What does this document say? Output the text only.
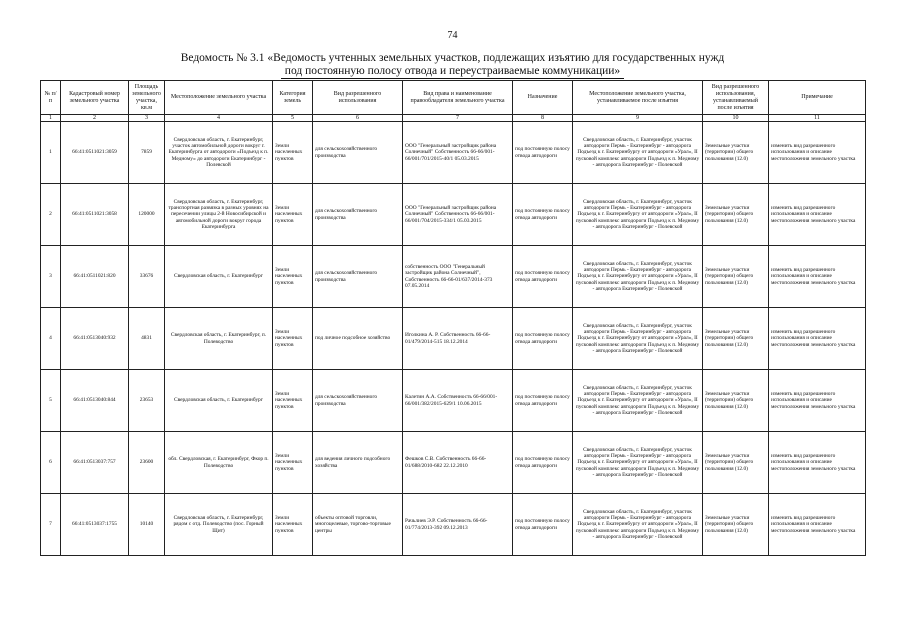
74
Ведомость № 3.1 «Ведомость учтенных земельных участков, подлежащих изъятию для государственных нужд
под постоянную полосу отвода и переустраиваемые коммуникации»
№ п/п	Кадастровый номер земельного участка	Площадь земельного участка, кв.м	Местоположение земельного участка	Категория земель	Вид разрешенного использования	Вид права и наименование правообладателя земельного участка	Назначение	Местоположение земельного участка, устанавливаемое после изъятия	Вид разрешенного использования, устанавливаемый после изъятия	Примечание
1	2	3	4	5	6	7	8	9	10	11
1	66:41:0511021:3059	7859	Свердловская область, г. Екатеринбург, участок автомобильной дороги вокруг г. Екатеринбурга от автодороги «Подъезд к п. Медному» до автодороги Екатеринбург - Полевской	Земли населенных пунктов	для сельскохозяйственного производства	ООО "Генеральный застройщик района Солнечный" Собственность 66-66/001-66/001/701/2015-40/1 05.03.2015	под постоянную полосу отвода автодороги	Свердловская область, г. Екатеринбург, участок автодороги Пермь - Екатеринбург - автодорога Подъезд к г. Екатеринбургу от автодороги «Урал», II пусковой комплекс автодороги Подъезд к п. Медному - автодорога Екатеринбург - Полевской	Земельные участки (территории) общего пользования (12.0)	изменить вид разрешенного использования и описание местоположения земельного участка
2	66:41:0511021:3058	120000	Свердловская область, г. Екатеринбург, транспортная развязка в разных уровнях на пересечении улицы 2-й Новосибирской и автомобильной дороги вокруг города Екатеринбурга	Земли населенных пунктов	для сельскохозяйственного производства	ООО "Генеральный застройщик района Солнечный" Собственность 66-66/001-66/001/704/2015-334/1 05.03.2015	под постоянную полосу отвода автодороги	Свердловская область, г. Екатеринбург, участок автодороги Пермь - Екатеринбург - автодорога Подъезд к г. Екатеринбургу от автодороги «Урал», II пусковой комплекс автодороги Подъезд к п. Медному - автодорога Екатеринбург - Полевской	Земельные участки (территории) общего пользования (12.0)	изменить вид разрешенного использования и описание местоположения земельного участка
3	66:41:0511021:820	33676	Свердловская область, г. Екатеринбург	Земли населенных пунктов	для сельскохозяйственного производства	собственность ООО "Генеральный застройщик района Солнечный", Собственность 66-66-01/637/2014-373 07.05.2014	под постоянную полосу отвода автодороги	Свердловская область, г. Екатеринбург, участок автодороги Пермь - Екатеринбург - автодорога Подъезд к г. Екатеринбургу от автодороги «Урал», II пусковой комплекс автодороги Подъезд к п. Медному - автодорога Екатеринбург - Полевской	Земельные участки (территории) общего пользования (12.0)	изменить вид разрешенного использования и описание местоположения земельного участка
4	66:41:0513040:932	4831	Свердловская область, г. Екатеринбург, п. Полеводство	Земли населенных пунктов	под личное подсобное хозяйство	Иголкина А. Р. Собственность 66-66-01/479/2014-515 18.12.2014	под постоянную полосу отвода автодороги	Свердловская область, г. Екатеринбург, участок автодороги Пермь - Екатеринбург - автодорога Подъезд к г. Екатеринбургу от автодороги «Урал», II пусковой комплекс автодороги Подъезд к п. Медному - автодорога Екатеринбург - Полевской	Земельные участки (территории) общего пользования (12.0)	изменить вид разрешенного использования и описание местоположения земельного участка
5	66:41:0513040:844	23653	Свердловская область, г. Екатеринбург	Земли населенных пунктов	для сельскохозяйственного производства	Калетин А.А. Собственность 66-66/001-66/001/382/2015-629/1 10.06.2015	под постоянную полосу отвода автодороги	Свердловская область, г. Екатеринбург, участок автодороги Пермь - Екатеринбург - автодорога Подъезд к г. Екатеринбургу от автодороги «Урал», II пусковой комплекс автодороги Подъезд к п. Медному - автодорога Екатеринбург - Полевской	Земельные участки (территории) общего пользования (12.0)	изменить вид разрешенного использования и описание местоположения земельного участка
6	66:41:0513037:757	23600	обл. Свердловская, г. Екатеринбург, Фкор п. Полеводство	Земли населенных пунктов	для ведения личного подсобного хозяйства	Фешков С.В. Собственность 66-66-01/688/2010-682 22.12.2010	под постоянную полосу отвода автодороги	Свердловская область, г. Екатеринбург, участок автодороги Пермь - Екатеринбург - автодорога Подъезд к г. Екатеринбургу от автодороги «Урал», II пусковой комплекс автодороги Подъезд к п. Медному - автодорога Екатеринбург - Полевской	Земельные участки (территории) общего пользования (12.0)	изменить вид разрешенного использования и описание местоположения земельного участка
7	66:41:0513037:1755	10140	Свердловская область, г. Екатеринбург, рядом с отд. Полеводство (пос. Горный Щит)	Земли населенных пунктов	объекты оптовой торговли, многоцелевые, торгово-торговые центры	Рачьлиев Э.Р. Собственность 66-66-01/774/2013-392 09.12.2013	под постоянную полосу отвода автодороги	Свердловская область, г. Екатеринбург, участок автодороги Пермь - Екатеринбург - автодорога Подъезд к г. Екатеринбургу от автодороги «Урал», II пусковой комплекс автодороги Подъезд к п. Медному - автодорога Екатеринбург - Полевской	Земельные участки (территории) общего пользования (12.0)	изменить вид разрешенного использования и описание местоположения земельного участка
